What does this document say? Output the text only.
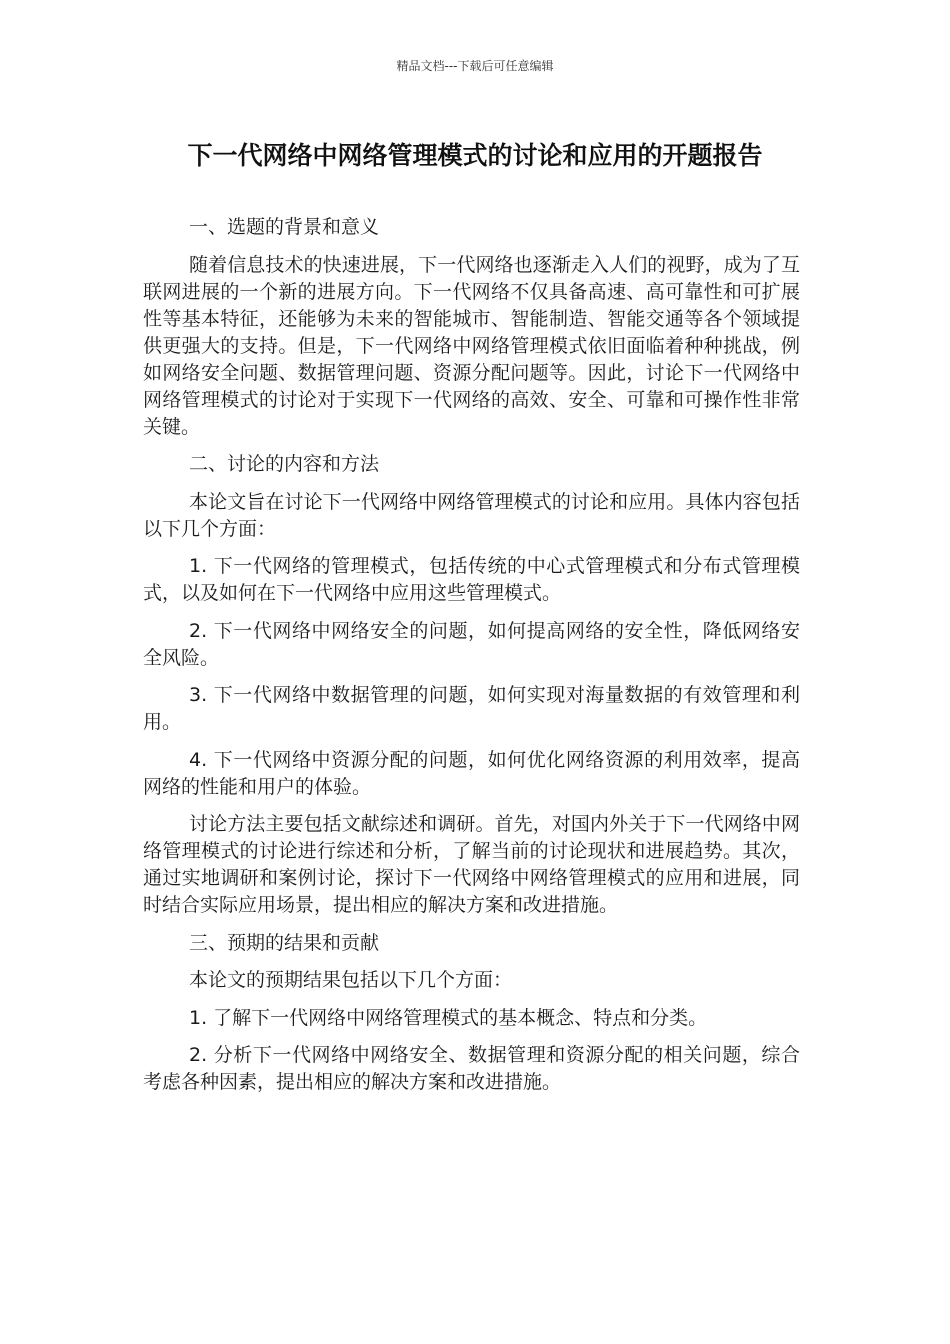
精品文档---下载后可任意编辑
下一代网络中网络管理模式的讨论和应用的开题报告

一、选题的背景和意义

随着信息技术的快速进展，下一代网络也逐渐走入人们的视野，成为了互联网进展的一个新的进展方向。下一代网络不仅具备高速、高可靠性和可扩展性等基本特征，还能够为未来的智能城市、智能制造、智能交通等各个领域提供更强大的支持。但是，下一代网络中网络管理模式依旧面临着种种挑战，例如网络安全问题、数据管理问题、资源分配问题等。因此，讨论下一代网络中网络管理模式的讨论对于实现下一代网络的高效、安全、可靠和可操作性非常关键。

二、讨论的内容和方法

本论文旨在讨论下一代网络中网络管理模式的讨论和应用。具体内容包括以下几个方面：

1. 下一代网络的管理模式，包括传统的中心式管理模式和分布式管理模式，以及如何在下一代网络中应用这些管理模式。

2. 下一代网络中网络安全的问题，如何提高网络的安全性，降低网络安全风险。

3. 下一代网络中数据管理的问题，如何实现对海量数据的有效管理和利用。

4. 下一代网络中资源分配的问题，如何优化网络资源的利用效率，提高网络的性能和用户的体验。

讨论方法主要包括文献综述和调研。首先，对国内外关于下一代网络中网络管理模式的讨论进行综述和分析，了解当前的讨论现状和进展趋势。其次，通过实地调研和案例讨论，探讨下一代网络中网络管理模式的应用和进展，同时结合实际应用场景，提出相应的解决方案和改进措施。

三、预期的结果和贡献

本论文的预期结果包括以下几个方面：

1. 了解下一代网络中网络管理模式的基本概念、特点和分类。

2. 分析下一代网络中网络安全、数据管理和资源分配的相关问题，综合考虑各种因素，提出相应的解决方案和改进措施。
